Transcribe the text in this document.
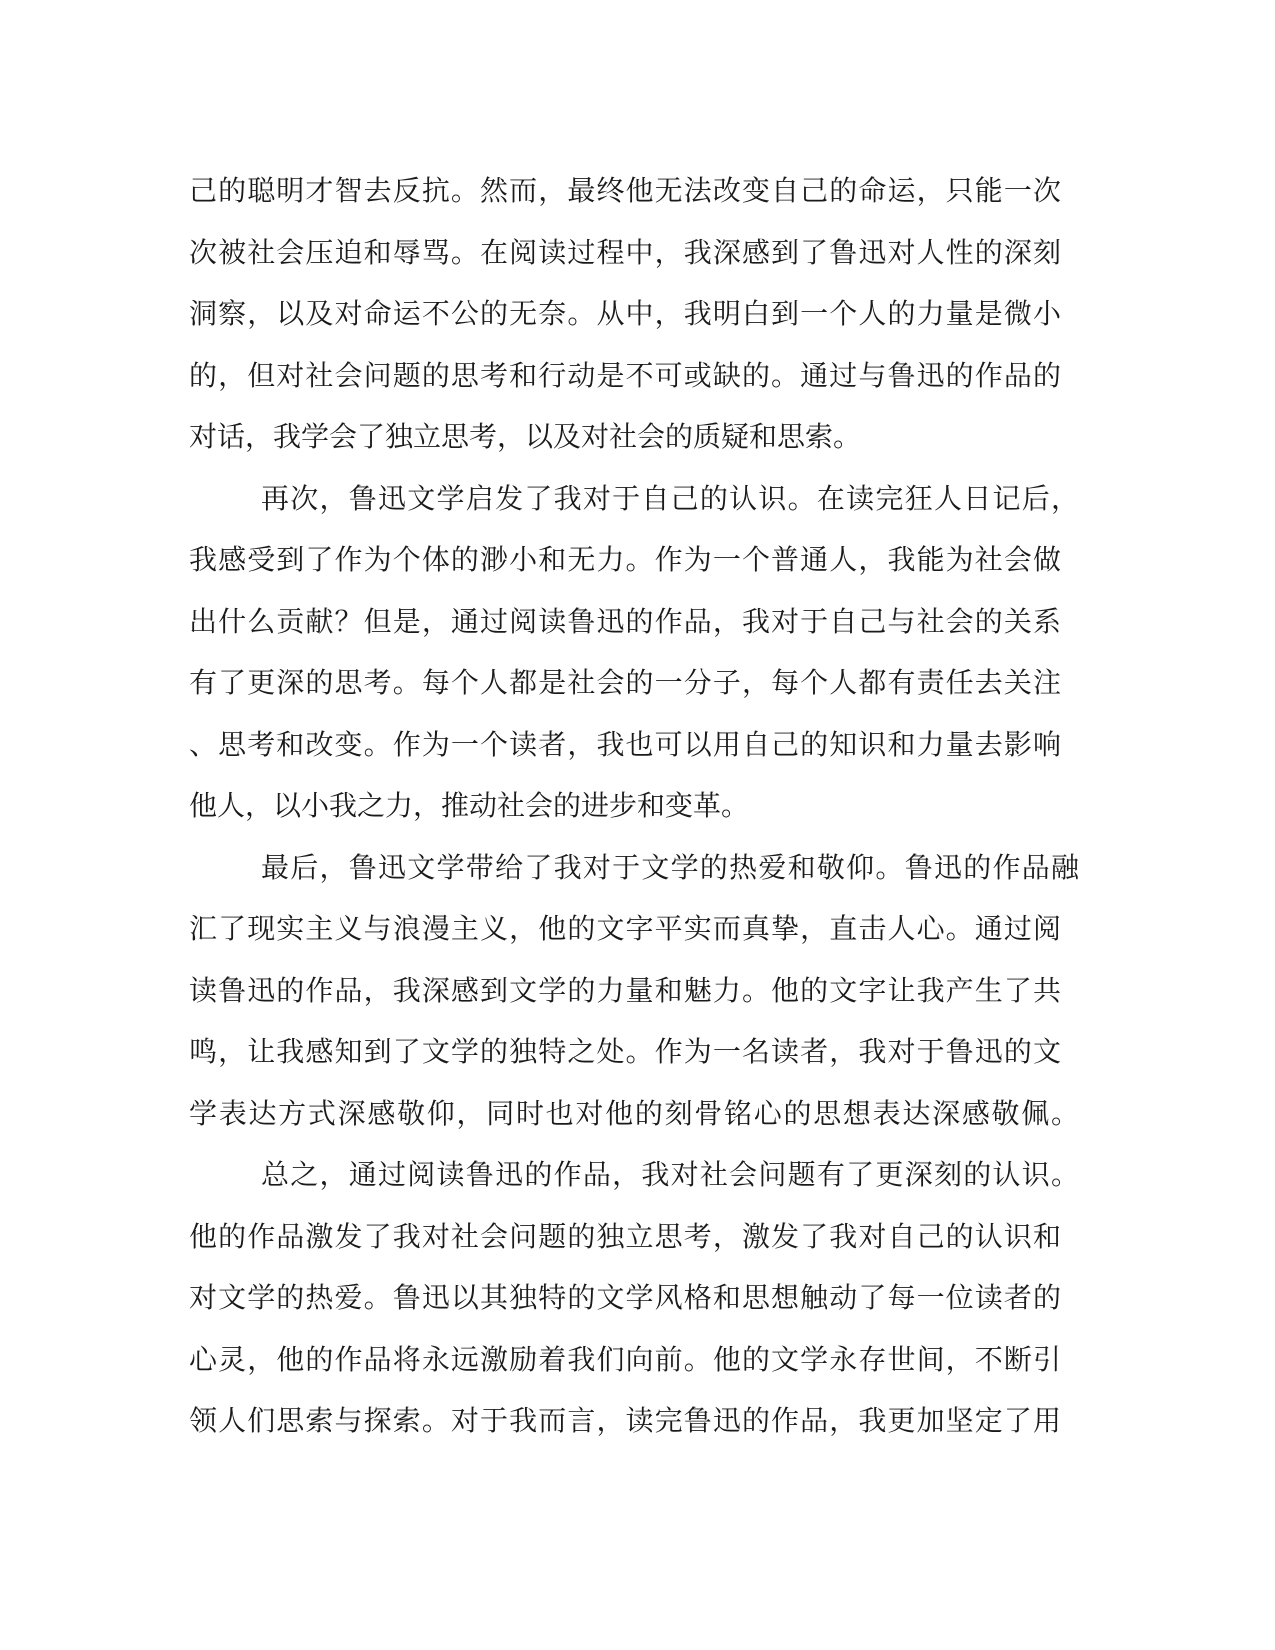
己的聪明才智去反抗。然而，最终他无法改变自己的命运，只能一次
次被社会压迫和辱骂。在阅读过程中，我深感到了鲁迅对人性的深刻
洞察，以及对命运不公的无奈。从中，我明白到一个人的力量是微小
的，但对社会问题的思考和行动是不可或缺的。通过与鲁迅的作品的
对话，我学会了独立思考，以及对社会的质疑和思索。
再次，鲁迅文学启发了我对于自己的认识。在读完狂人日记后，
我感受到了作为个体的渺小和无力。作为一个普通人，我能为社会做
出什么贡献？但是，通过阅读鲁迅的作品，我对于自己与社会的关系
有了更深的思考。每个人都是社会的一分子，每个人都有责任去关注
、思考和改变。作为一个读者，我也可以用自己的知识和力量去影响
他人，以小我之力，推动社会的进步和变革。
最后，鲁迅文学带给了我对于文学的热爱和敬仰。鲁迅的作品融
汇了现实主义与浪漫主义，他的文字平实而真挚，直击人心。通过阅
读鲁迅的作品，我深感到文学的力量和魅力。他的文字让我产生了共
鸣，让我感知到了文学的独特之处。作为一名读者，我对于鲁迅的文
学表达方式深感敬仰，同时也对他的刻骨铭心的思想表达深感敬佩。
总之，通过阅读鲁迅的作品，我对社会问题有了更深刻的认识。
他的作品激发了我对社会问题的独立思考，激发了我对自己的认识和
对文学的热爱。鲁迅以其独特的文学风格和思想触动了每一位读者的
心灵，他的作品将永远激励着我们向前。他的文学永存世间，不断引
领人们思索与探索。对于我而言，读完鲁迅的作品，我更加坚定了用
